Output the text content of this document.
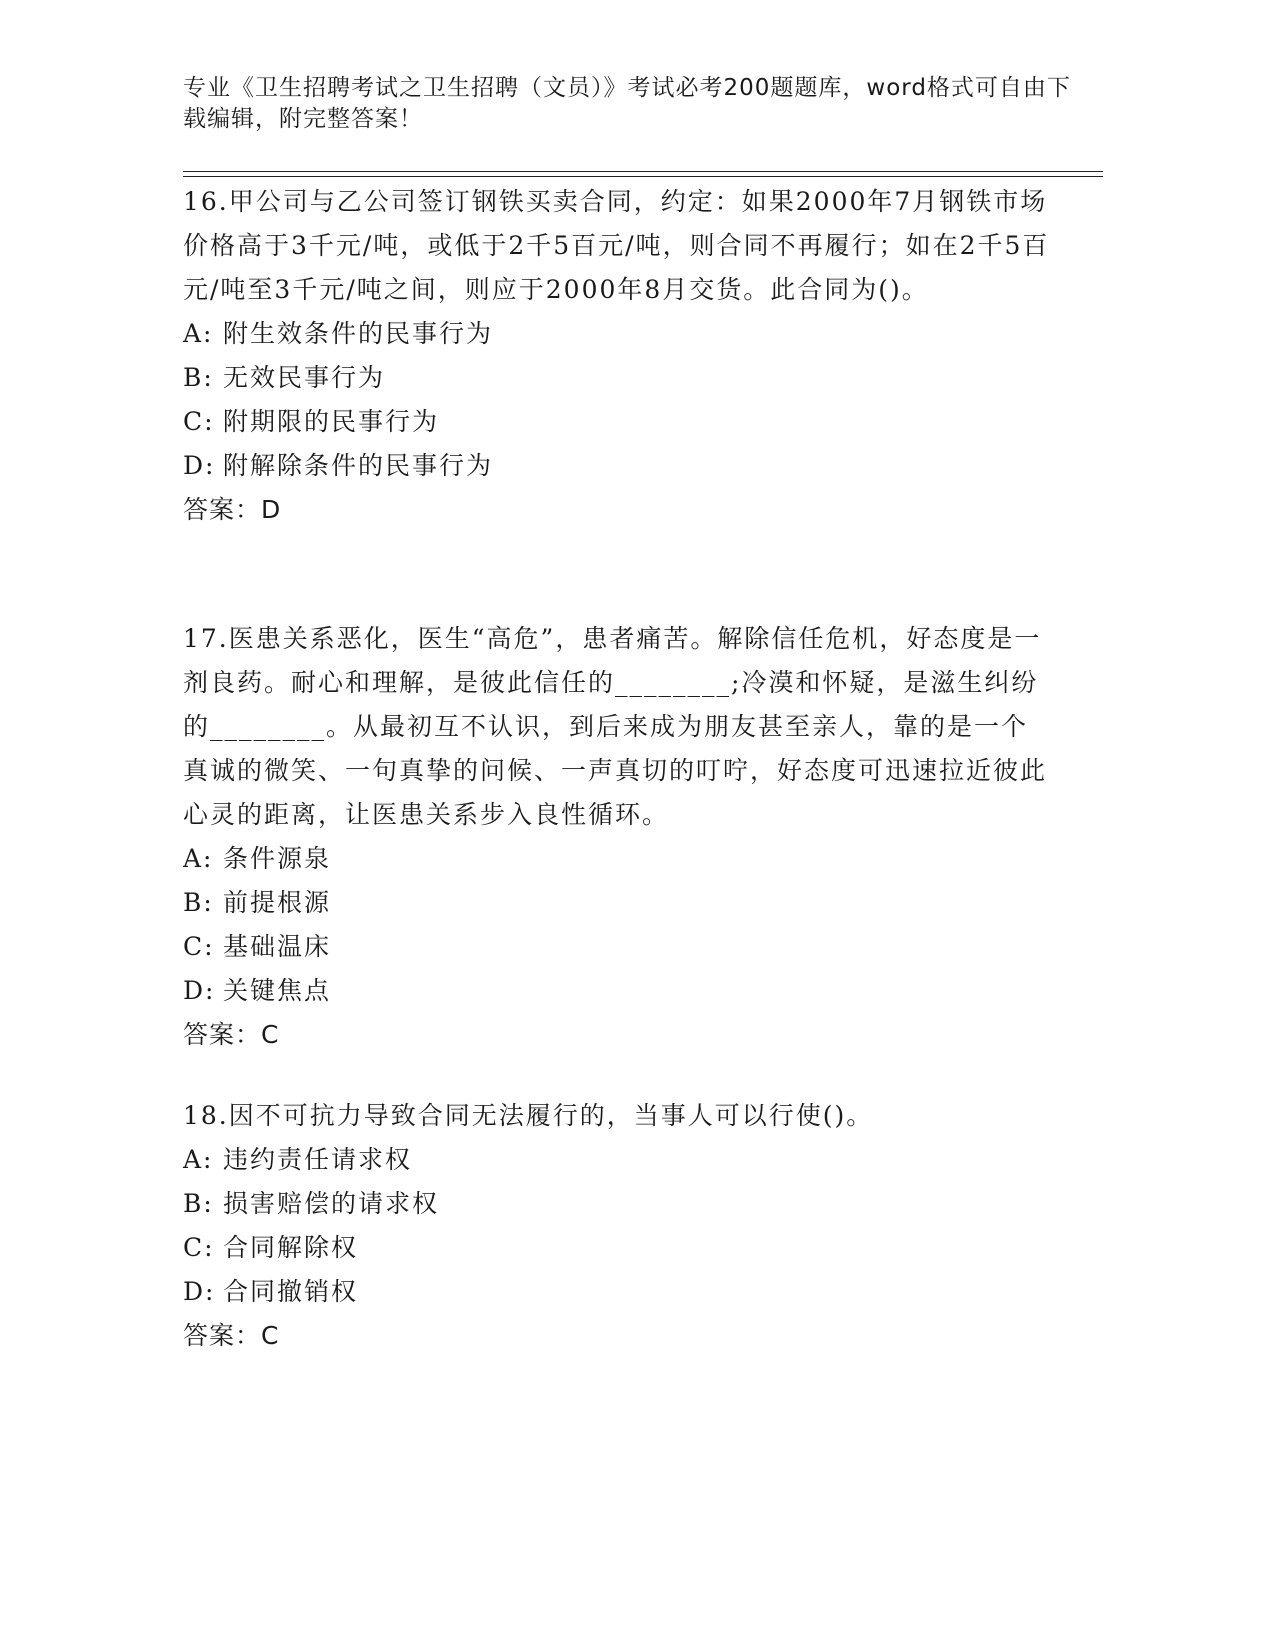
专业《卫生招聘考试之卫生招聘（文员）》考试必考200题题库，word格式可自由下载编辑，附完整答案！

16.甲公司与乙公司签订钢铁买卖合同，约定：如果2000年7月钢铁市场价格高于3千元/吨，或低于2千5百元/吨，则合同不再履行；如在2千5百元/吨至3千元/吨之间，则应于2000年8月交货。此合同为()。

A: 附生效条件的民事行为

B: 无效民事行为

C: 附期限的民事行为

D: 附解除条件的民事行为

答案：D

17.医患关系恶化，医生“高危”，患者痛苦。解除信任危机，好态度是一剂良药。耐心和理解，是彼此信任的________;冷漠和怀疑，是滋生纠纷的________。从最初互不认识，到后来成为朋友甚至亲人，靠的是一个真诚的微笑、一句真挚的问候、一声真切的叮咛，好态度可迅速拉近彼此心灵的距离，让医患关系步入良性循环。

A: 条件源泉

B: 前提根源

C: 基础温床

D: 关键焦点

答案：C

18.因不可抗力导致合同无法履行的，当事人可以行使()。

A: 违约责任请求权

B: 损害赔偿的请求权

C: 合同解除权

D: 合同撤销权

答案：C
